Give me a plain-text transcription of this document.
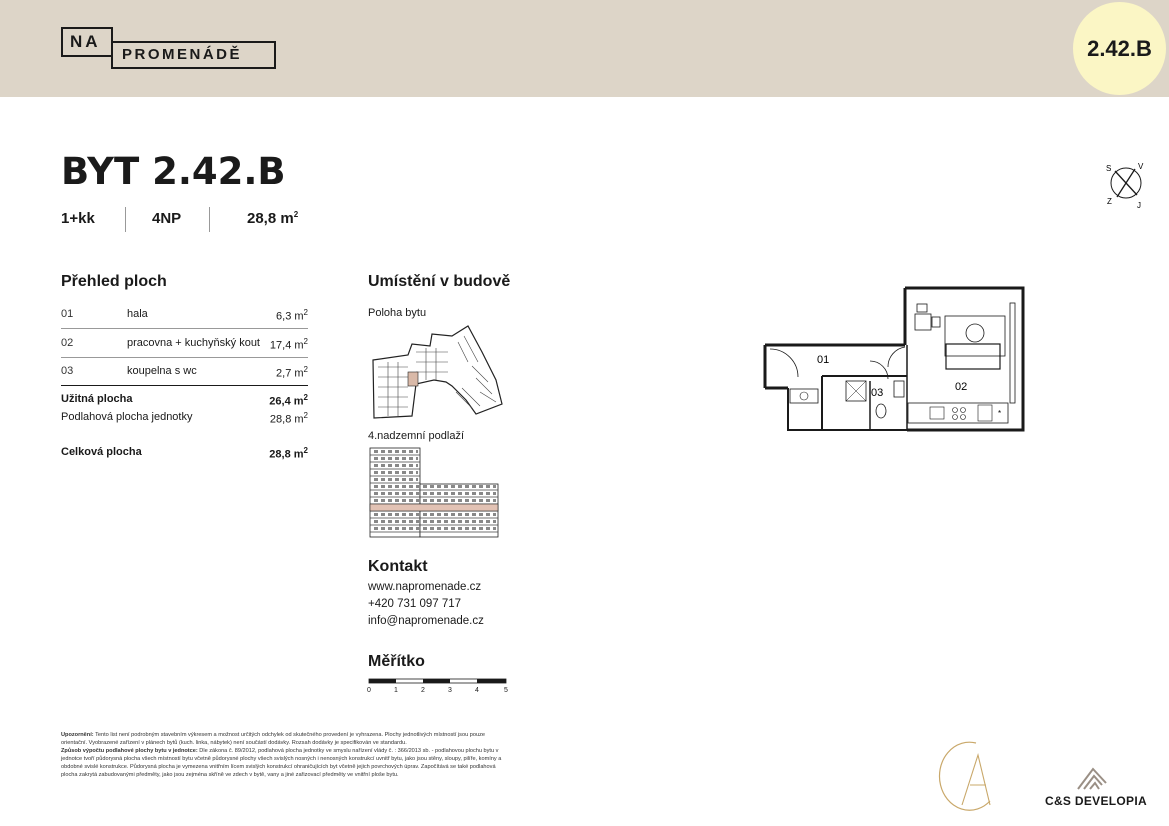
NA
PROMENÁDĚ	2.42.B
BYT 2.42.B
1+kk	4NP	28,8 $m^2$
S	V
Z	J
Přehled ploch
01	hala	6,3 $m^2$
02	pracovna + kuchyňský kout 17,4 $m^2$
03	koupelna s wc	2,7 $m^2$
Užitná plocha	26,4 $m^2$
Podlahová plocha jednotky	28,8 $m^2$
Celková plocha	28,8 $m^2$
Umístění v budově
Poloha bytu
4.nadzemní podlaží
Kontakt
www.napromenade.cz
+420 731 097 717
info@napromenade.cz
Měřítko
0	1	2	3	4	5
01
02
03
*
Upozornění: Tento list není podrobným stavebním výkresem a možnost určitých odchylek od skutečného provedení je vyhrazena. Plochy jednotlivých místností jsou pouze orientační. Vyobrazené zařízení v plánech bytů (kuch. linka, nábytek) není součástí dodávky. Rozsah dodávky je specifikován ve standardu.
Způsob výpočtu podlahové plochy bytu v jednotce: Dle zákona č. 89/2012, podlahová plocha jednotky ve smyslu nařízení vlády č. : 366/2013 sb. - podlahovou plochu bytu v jednotce tvoří půdorysná plocha všech místností bytu včetně půdorysné plochy všech svislých nosných i nenosných konstrukcí uvnitř bytu, jako jsou stěny, sloupy, pilíře, komíny a obdobné svislé konstrukce. Půdorysná plocha je vymezena vnitřním lícem svislých konstrukcí ohraničujících byt včetně jejich povrchových úprav. Započítává se také podlahová plocha zakrytá zabudovanými předměty, jako jsou zejména skříně ve zdech v bytě, vany a jiné zařizovací předměty ve vnitřní ploše bytu.
C&S DEVELOPIA
